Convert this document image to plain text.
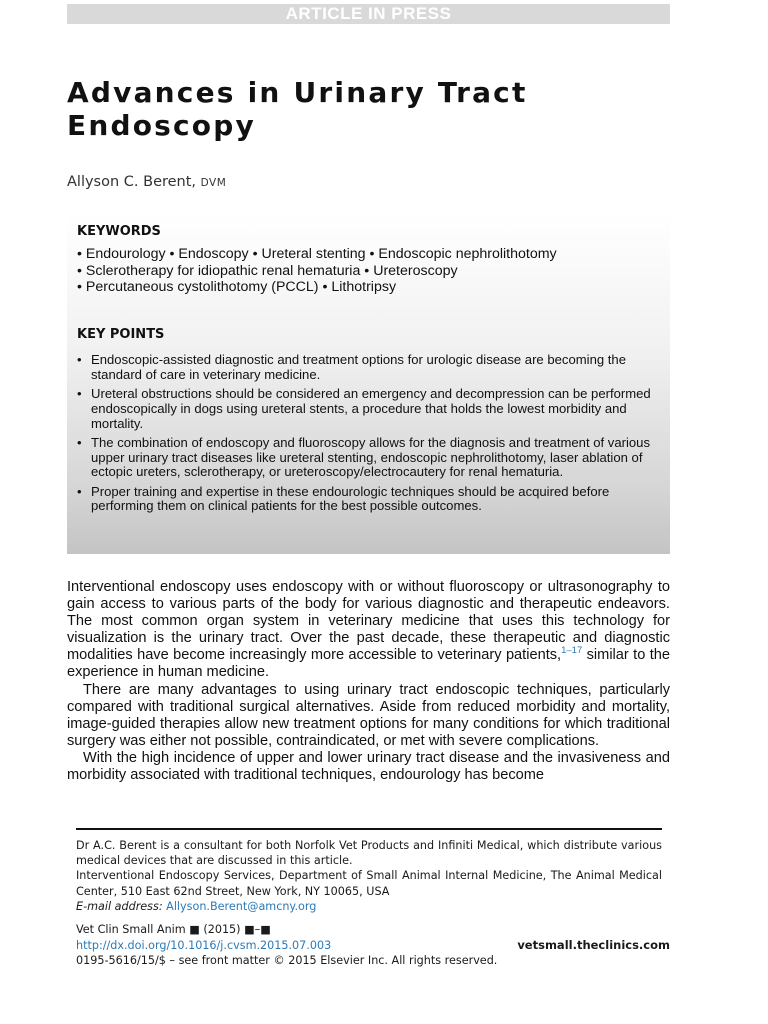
ARTICLE IN PRESS
Advances in Urinary Tract
Endoscopy
Allyson C. Berent, DVM
KEYWORDS
• Endourology • Endoscopy • Ureteral stenting • Endoscopic nephrolithotomy
• Sclerotherapy for idiopathic renal hematuria • Ureteroscopy
• Percutaneous cystolithotomy (PCCL) • Lithotripsy
KEY POINTS
• Endoscopic-assisted diagnostic and treatment options for urologic disease are becoming the standard of care in veterinary medicine.
• Ureteral obstructions should be considered an emergency and decompression can be performed endoscopically in dogs using ureteral stents, a procedure that holds the lowest morbidity and mortality.
• The combination of endoscopy and fluoroscopy allows for the diagnosis and treatment of various upper urinary tract diseases like ureteral stenting, endoscopic nephrolithotomy, laser ablation of ectopic ureters, sclerotherapy, or ureteroscopy/electrocautery for renal hematuria.
• Proper training and expertise in these endourologic techniques should be acquired before performing them on clinical patients for the best possible outcomes.

Interventional endoscopy uses endoscopy with or without fluoroscopy or ultrasonography to gain access to various parts of the body for various diagnostic and therapeutic endeavors. The most common organ system in veterinary medicine that uses this technology for visualization is the urinary tract. Over the past decade, these therapeutic and diagnostic modalities have become increasingly more accessible to veterinary patients,$^{1-17}$ similar to the experience in human medicine.

There are many advantages to using urinary tract endoscopic techniques, particularly compared with traditional surgical alternatives. Aside from reduced morbidity and mortality, image-guided therapies allow new treatment options for many conditions for which traditional surgery was either not possible, contraindicated, or met with severe complications.

With the high incidence of upper and lower urinary tract disease and the invasiveness and morbidity associated with traditional techniques, endourology has become

Dr A.C. Berent is a consultant for both Norfolk Vet Products and Infiniti Medical, which distribute various medical devices that are discussed in this article.

Interventional Endoscopy Services, Department of Small Animal Internal Medicine, The Animal Medical Center, 510 East 62nd Street, New York, NY 10065, USA

E-mail address: Allyson.Berent@amcny.org

Vet Clin Small Anim ■ (2015) ■–■
http://dx.doi.org/10.1016/j.cvsm.2015.07.003	vetsmall.theclinics.com
0195-5616/15/$ – see front matter © 2015 Elsevier Inc. All rights reserved.
